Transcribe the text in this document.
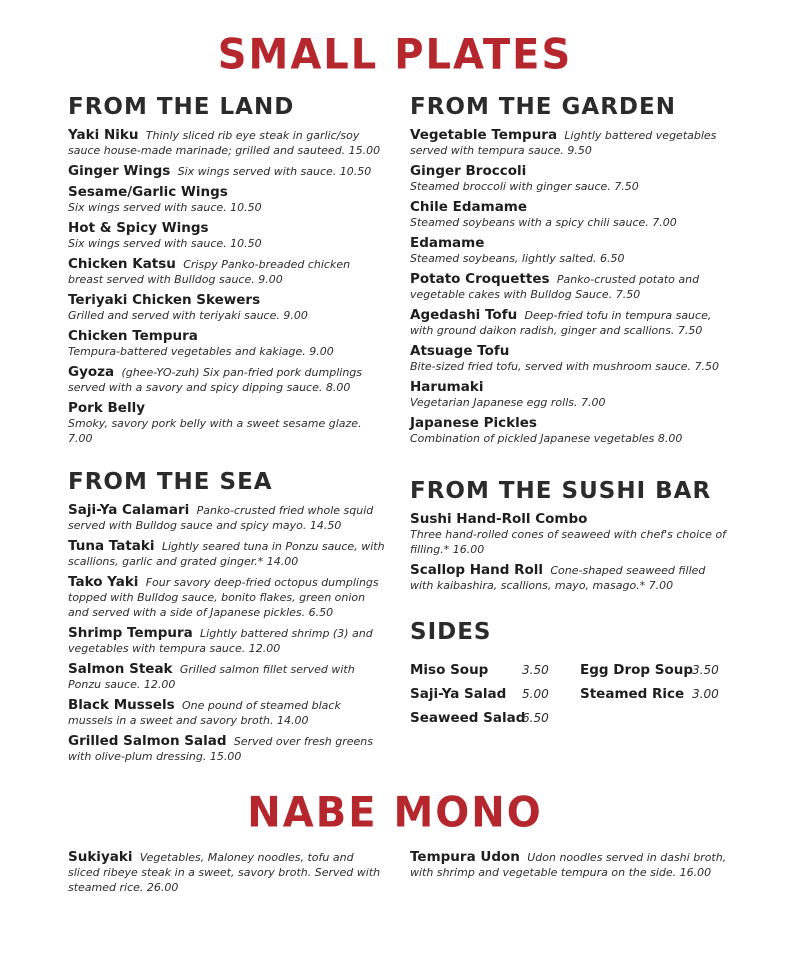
SMALL PLATES
NABE MONO
FROM THE LAND
Yaki Niku Thinly sliced rib eye steak in garlic/soy sauce house-made marinade; grilled and sauteed. 15.00
Ginger Wings Six wings served with sauce. 10.50
Sesame/Garlic Wings
Six wings served with sauce. 10.50
Hot & Spicy Wings
Six wings served with sauce. 10.50
Chicken Katsu Crispy Panko-breaded chicken breast served with Bulldog sauce. 9.00
Teriyaki Chicken Skewers
Grilled and served with teriyaki sauce. 9.00
Chicken Tempura
Tempura-battered vegetables and kakiage. 9.00
Gyoza (ghee-YO-zuh) Six pan-fried pork dumplings served with a savory and spicy dipping sauce. 8.00
Pork Belly
Smoky, savory pork belly with a sweet sesame glaze. 7.00
FROM THE SEA
Saji-Ya Calamari Panko-crusted fried whole squid served with Bulldog sauce and spicy mayo. 14.50
Tuna Tataki Lightly seared tuna in Ponzu sauce, with scallions, garlic and grated ginger.* 14.00
Tako Yaki Four savory deep-fried octopus dumplings topped with Bulldog sauce, bonito flakes, green onion and served with a side of Japanese pickles. 6.50
Shrimp Tempura Lightly battered shrimp (3) and vegetables with tempura sauce. 12.00
Salmon Steak Grilled salmon fillet served with Ponzu sauce. 12.00
Black Mussels One pound of steamed black mussels in a sweet and savory broth. 14.00
Grilled Salmon Salad Served over fresh greens with olive-plum dressing. 15.00
FROM THE GARDEN
Vegetable Tempura Lightly battered vegetables served with tempura sauce. 9.50
Ginger Broccoli
Steamed broccoli with ginger sauce. 7.50
Chile Edamame
Steamed soybeans with a spicy chili sauce. 7.00
Edamame
Steamed soybeans, lightly salted. 6.50
Potato Croquettes Panko-crusted potato and vegetable cakes with Bulldog Sauce. 7.50
Agedashi Tofu Deep-fried tofu in tempura sauce, with ground daikon radish, ginger and scallions. 7.50
Atsuage Tofu
Bite-sized fried tofu, served with mushroom sauce. 7.50
Harumaki
Vegetarian Japanese egg rolls. 7.00
Japanese Pickles
Combination of pickled Japanese vegetables 8.00
FROM THE SUSHI BAR
Sushi Hand-Roll Combo
Three hand-rolled cones of seaweed with chef's choice of filling.* 16.00
Scallop Hand Roll Cone-shaped seaweed filled with kaibashira, scallions, mayo, masago.* 7.00
SIDES
Miso Soup	3.50 Egg Drop Soup
3.50
Saji-Ya Salad 5.00 Steamed Rice 3.00
Seaweed Salad
6.50
Sukiyaki Vegetables, Maloney noodles, tofu and sliced ribeye steak in a sweet, savory broth. Served with steamed rice. 26.00
Tempura Udon Udon noodles served in dashi broth, with shrimp and vegetable tempura on the side. 16.00
